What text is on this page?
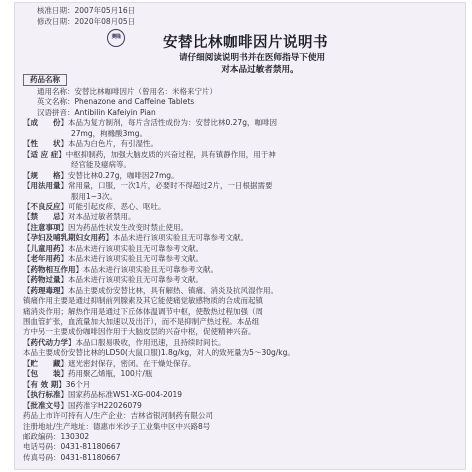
核准日期：2007年05月16日
修改日期：2020年08月05日
赛隆	安替比林咖啡因片说明书
请仔细阅读说明书并在医师指导下使用
对本品过敏者禁用。
药品名称
通用名称：安替比林咖啡因片（曾用名：米格来宁片）
英文名称：Phenazone and Caffeine Tablets
汉语拼音：Antibilin Kafeiyin Pian
【成　　份】本品为复方制剂，每片含活性成份为：安替比林0.27g，咖啡因
27mg，枸橼酸3mg。
【性　　状】本品为白色片，有引湿性。
【适 应 症】中枢抑制药，加强大脑皮质的兴奋过程，具有镇静作用，用于神
经官能及癔病等。
【规　　格】安替比林0.27g，咖啡因27mg。
【用法用量】常用量，口服，一次1片，必要时不得超过2片，一日根据需要
服用1~3次。
【不良反应】可能引起皮疹、恶心、呕吐。
【禁　　忌】对本品过敏者禁用。
【注意事项】因为药品性状发生改变时禁止使用。
【孕妇及哺乳期妇女用药】本品未进行该项实验且无可靠参考文献。
【儿童用药】本品未进行该项实验且无可靠参考文献。
【老年用药】本品未进行该项实验且无可靠参考文献。
【药物相互作用】本品未进行该项实验且无可靠参考文献。
【药物过量】本品未进行该项实验且无可靠参考文献。
【药理毒理】本品主要成份安替比林，具有解热、镇痛、消炎及抗风湿作用。
镇痛作用主要是通过抑制前列腺素及其它能使痛觉敏感物质的合成而起镇
痛消炎作用；解热作用是通过下丘体体温调节中枢，使散热过程加强（周
围血管扩张，血流量加大加速以及出汗），而不是抑制产热过程。本品组
方中另一主要成份咖啡因作用于大脑皮层的兴奋中枢，促使精神兴奋。
【药代动力学】本品口服易吸收，作用迅速，且持续时间长。
本品主要成份安替比林的LD50(大鼠口服)1.8g/kg，对人的致死量为5～30g/kg。
【贮　　藏】遮光密封保存，密闭。在干燥处保存。
【包　　装】药用聚乙烯瓶，100片/瓶
【有 效 期】36个月
【执行标准】国家药品标准WS1-XG-004-2019
【批准文号】国药准字H22026079
药品上市许可持有人/生产企业：吉林省银河制药有限公司
注册地址/生产地址：德惠市米沙子工业集中区中兴路8号
邮政编码：130302
电话号码：0431-81180667
传真号码：0431-81180667
